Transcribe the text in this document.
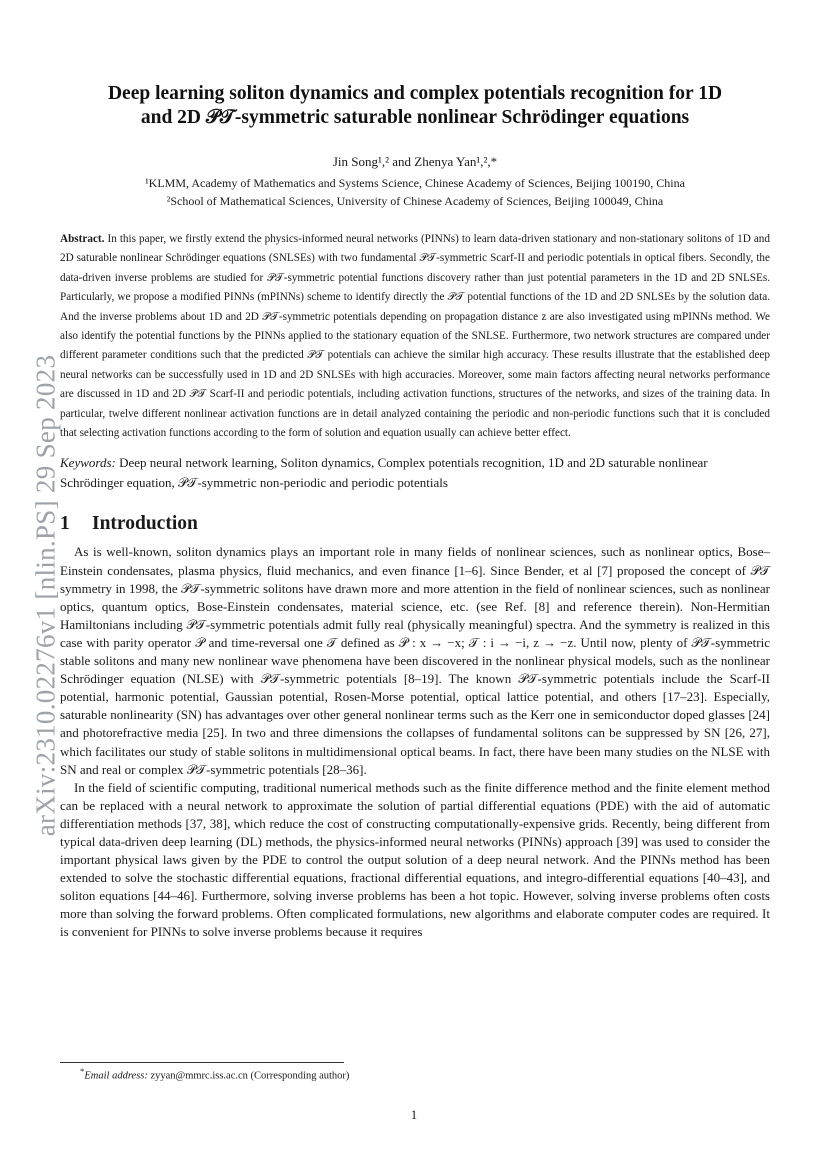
arXiv:2310.02276v1 [nlin.PS] 29 Sep 2023
Deep learning soliton dynamics and complex potentials recognition for 1D
and 2D 𝒫𝒯-symmetric saturable nonlinear Schrödinger equations
Jin Song¹,² and Zhenya Yan¹,²,*
¹KLMM, Academy of Mathematics and Systems Science, Chinese Academy of Sciences, Beijing 100190, China
²School of Mathematical Sciences, University of Chinese Academy of Sciences, Beijing 100049, China
Abstract. In this paper, we firstly extend the physics-informed neural networks (PINNs) to learn data-driven stationary and non-stationary solitons of 1D and 2D saturable nonlinear Schrödinger equations (SNLSEs) with two fundamental 𝒫𝒯-symmetric Scarf-II and periodic potentials in optical fibers. Secondly, the data-driven inverse problems are studied for 𝒫𝒯-symmetric potential functions discovery rather than just potential parameters in the 1D and 2D SNLSEs. Particularly, we propose a modified PINNs (mPINNs) scheme to identify directly the 𝒫𝒯 potential functions of the 1D and 2D SNLSEs by the solution data. And the inverse problems about 1D and 2D 𝒫𝒯-symmetric potentials depending on propagation distance z are also investigated using mPINNs method. We also identify the potential functions by the PINNs applied to the stationary equation of the SNLSE. Furthermore, two network structures are compared under different parameter conditions such that the predicted 𝒫𝒯 potentials can achieve the similar high accuracy. These results illustrate that the established deep neural networks can be successfully used in 1D and 2D SNLSEs with high accuracies. Moreover, some main factors affecting neural networks performance are discussed in 1D and 2D 𝒫𝒯 Scarf-II and periodic potentials, including activation functions, structures of the networks, and sizes of the training data. In particular, twelve different nonlinear activation functions are in detail analyzed containing the periodic and non-periodic functions such that it is concluded that selecting activation functions according to the form of solution and equation usually can achieve better effect.
Keywords: Deep neural network learning, Soliton dynamics, Complex potentials recognition, 1D and 2D saturable nonlinear Schrödinger equation, 𝒫𝒯-symmetric non-periodic and periodic potentials
1 Introduction

As is well-known, soliton dynamics plays an important role in many fields of nonlinear sciences, such as nonlinear optics, Bose–Einstein condensates, plasma physics, fluid mechanics, and even finance [1–6]. Since Bender, et al [7] proposed the concept of 𝒫𝒯 symmetry in 1998, the 𝒫𝒯-symmetric solitons have drawn more and more attention in the field of nonlinear sciences, such as nonlinear optics, quantum optics, Bose-Einstein condensates, material science, etc. (see Ref. [8] and reference therein). Non-Hermitian Hamiltonians including 𝒫𝒯-symmetric potentials admit fully real (physically meaningful) spectra. And the symmetry is realized in this case with parity operator 𝒫 and time-reversal one 𝒯 defined as 𝒫 : x → −x; 𝒯 : i → −i, z → −z. Until now, plenty of 𝒫𝒯-symmetric stable solitons and many new nonlinear wave phenomena have been discovered in the nonlinear physical models, such as the nonlinear Schrödinger equation (NLSE) with 𝒫𝒯-symmetric potentials [8–19]. The known 𝒫𝒯-symmetric potentials include the Scarf-II potential, harmonic potential, Gaussian potential, Rosen-Morse potential, optical lattice potential, and others [17–23]. Especially, saturable nonlinearity (SN) has advantages over other general nonlinear terms such as the Kerr one in semiconductor doped glasses [24] and photorefractive media [25]. In two and three dimensions the collapses of fundamental solitons can be suppressed by SN [26, 27], which facilitates our study of stable solitons in multidimensional optical beams. In fact, there have been many studies on the NLSE with SN and real or complex 𝒫𝒯-symmetric potentials [28–36].

In the field of scientific computing, traditional numerical methods such as the finite difference method and the finite element method can be replaced with a neural network to approximate the solution of partial differential equations (PDE) with the aid of automatic differentiation methods [37, 38], which reduce the cost of constructing computationally-expensive grids. Recently, being different from typical data-driven deep learning (DL) methods, the physics-informed neural networks (PINNs) approach [39] was used to consider the important physical laws given by the PDE to control the output solution of a deep neural network. And the PINNs method has been extended to solve the stochastic differential equations, fractional differential equations, and integro-differential equations [40–43], and soliton equations [44–46]. Furthermore, solving inverse problems has been a hot topic. However, solving inverse problems often costs more than solving the forward problems. Often complicated formulations, new algorithms and elaborate computer codes are required. It is convenient for PINNs to solve inverse problems because it requires

*Email address: zyyan@mmrc.iss.ac.cn (Corresponding author)
1
